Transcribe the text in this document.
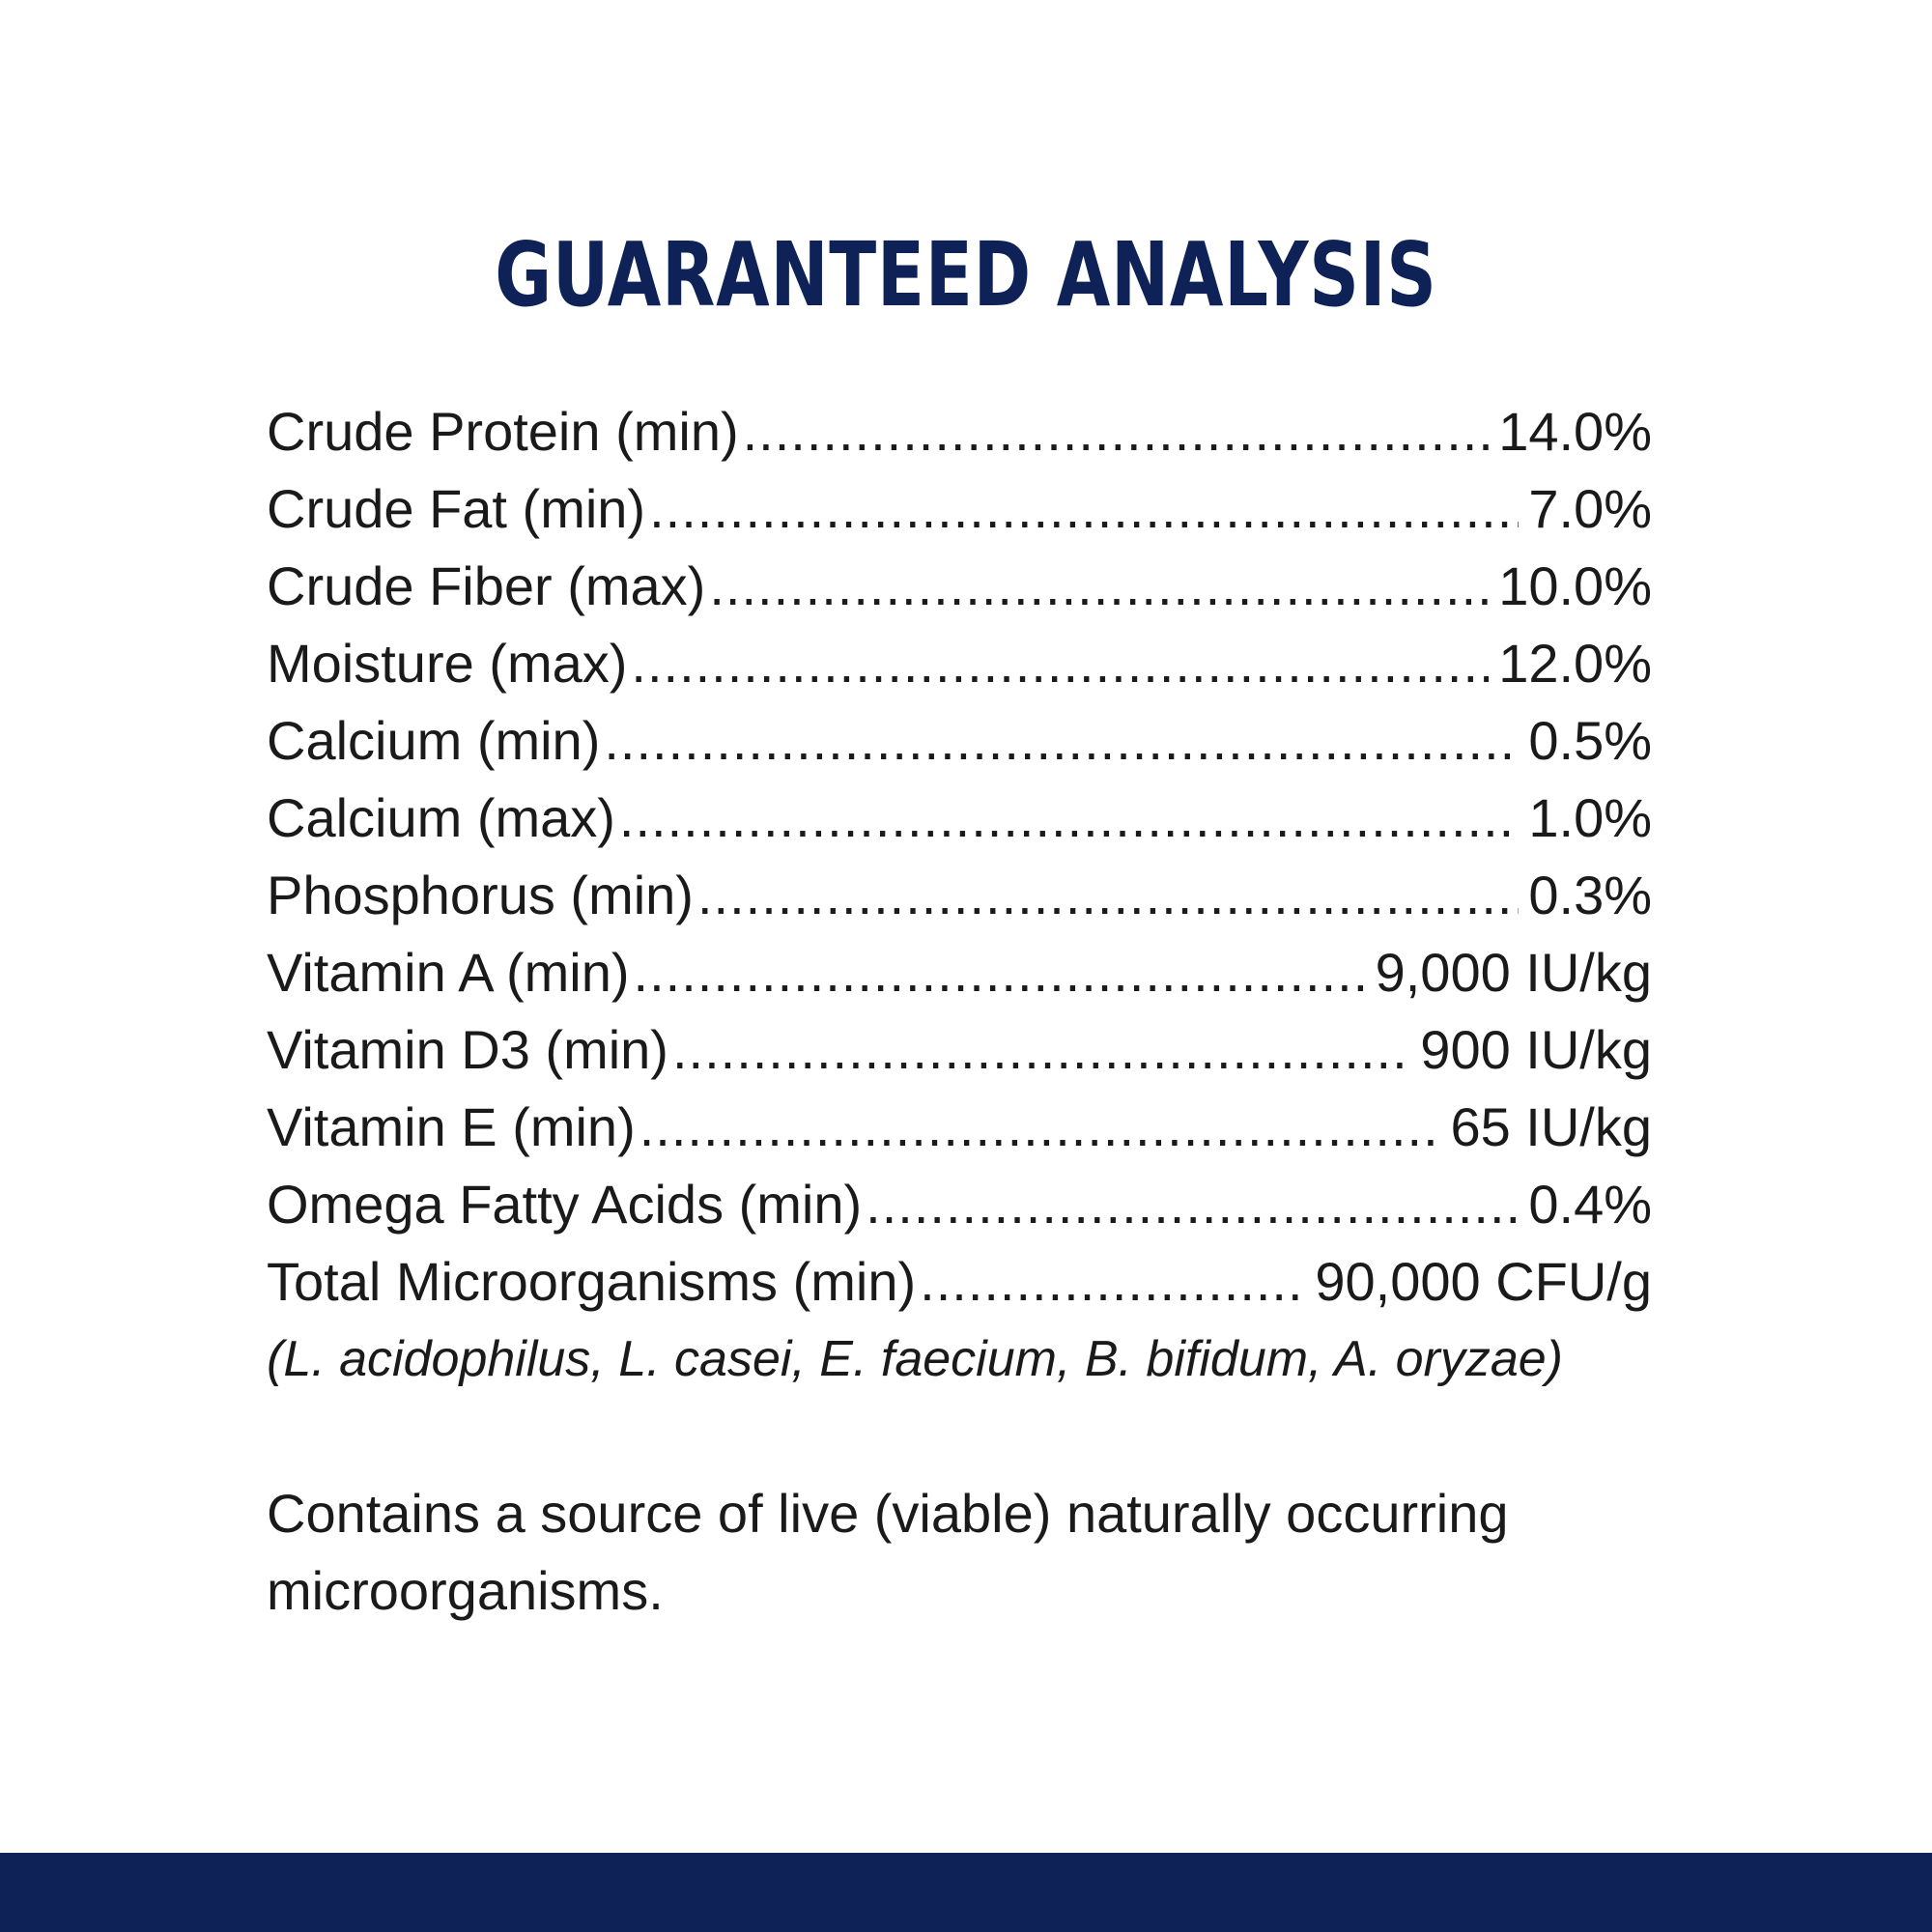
GUARANTEED ANALYSIS
Crude Protein (min) .....	14.0%
Crude Fat (min) .....	7.0%
Crude Fiber (max) .....	10.0%
Moisture (max) .....	12.0%
Calcium (min) .....	0.5%
Calcium (max) .....	1.0%
Phosphorus (min) .....	0.3%
Vitamin A (min) .....	9,000 IU/kg
Vitamin D3 (min) .....	900 IU/kg
Vitamin E (min) .....	65 IU/kg
Omega Fatty Acids (min) .....	0.4%
Total Microorganisms (min) .....	90,000 CFU/g

(L. acidophilus, L. casei, E. faecium, B. bifidum, A. oryzae)

Contains a source of live (viable) naturally occurring microorganisms.
